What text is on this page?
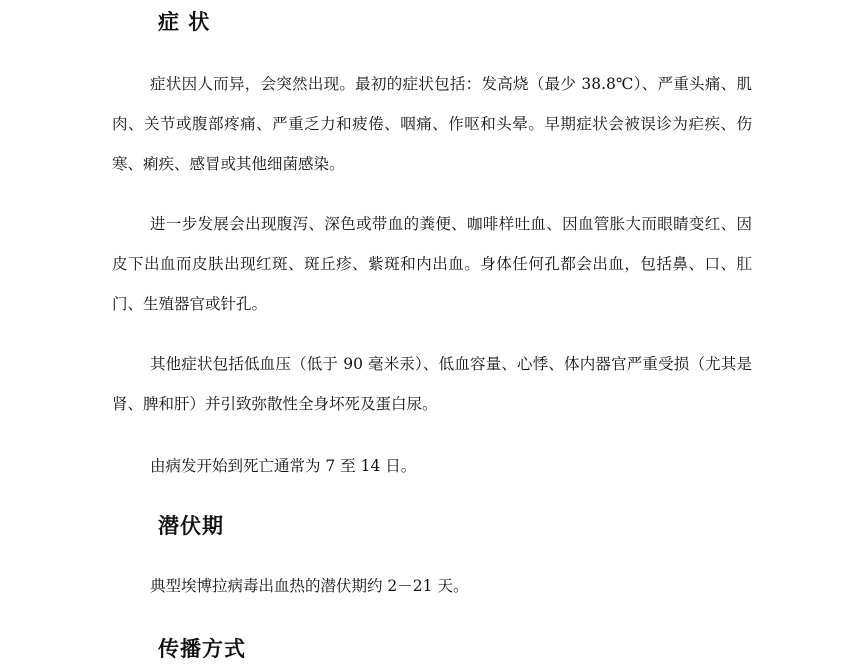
症 状

症状因人而异，会突然出现。最初的症状包括：发高烧（最少 38.8℃）、严重头痛、肌肉、关节或腹部疼痛、严重乏力和疲倦、咽痛、作呕和头晕。早期症状会被误诊为疟疾、伤寒、痢疾、感冒或其他细菌感染。

进一步发展会出现腹泻、深色或带血的粪便、咖啡样吐血、因血管胀大而眼睛变红、因皮下出血而皮肤出现红斑、斑丘疹、紫斑和内出血。身体任何孔都会出血，包括鼻、口、肛门、生殖器官或针孔。

其他症状包括低血压（低于 90 毫米汞）、低血容量、心悸、体内器官严重受损（尤其是肾、脾和肝）并引致弥散性全身坏死及蛋白尿。

由病发开始到死亡通常为 7 至 14 日。

潜伏期

典型埃博拉病毒出血热的潜伏期约 2－21 天。

传播方式
